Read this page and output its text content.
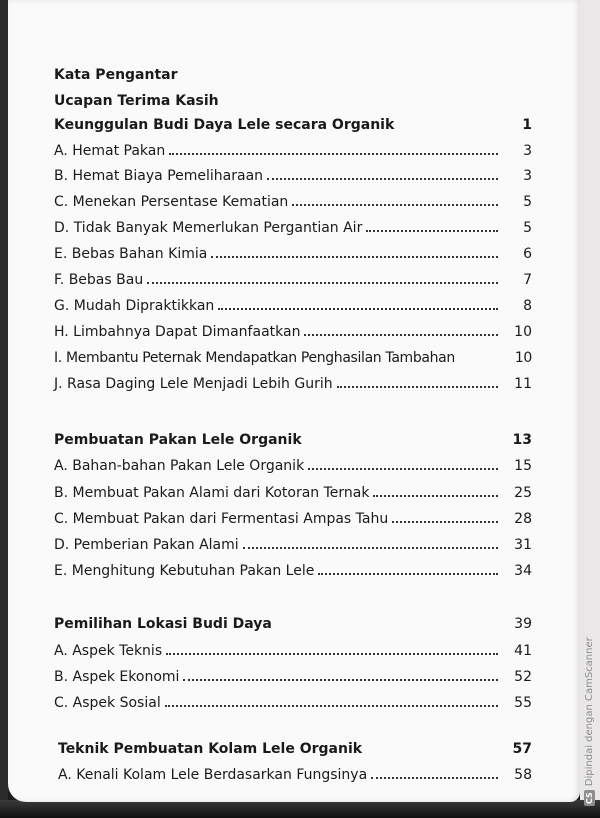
Kata Pengantar
Ucapan Terima Kasih
Keunggulan Budi Daya Lele secara Organik	1
A. Hemat Pakan	3
B. Hemat Biaya Pemeliharaan	3
C. Menekan Persentase Kematian	5
D. Tidak Banyak Memerlukan Pergantian Air	5
E. Bebas Bahan Kimia	6
F. Bebas Bau	7
G. Mudah Dipraktikkan	8
H. Limbahnya Dapat Dimanfaatkan	10
I. Membantu Peternak Mendapatkan Penghasilan Tambahan	10
J. Rasa Daging Lele Menjadi Lebih Gurih	11
Pembuatan Pakan Lele Organik	13
A. Bahan-bahan Pakan Lele Organik	15
B. Membuat Pakan Alami dari Kotoran Ternak	25
C. Membuat Pakan dari Fermentasi Ampas Tahu	28
D. Pemberian Pakan Alami	31
E. Menghitung Kebutuhan Pakan Lele	34
Pemilihan Lokasi Budi Daya	39
A. Aspek Teknis	41
B. Aspek Ekonomi	52
C. Aspek Sosial	55
Teknik Pembuatan Kolam Lele Organik	57
A. Kenali Kolam Lele Berdasarkan Fungsinya	58
CS
Dipindai dengan CamScanner
